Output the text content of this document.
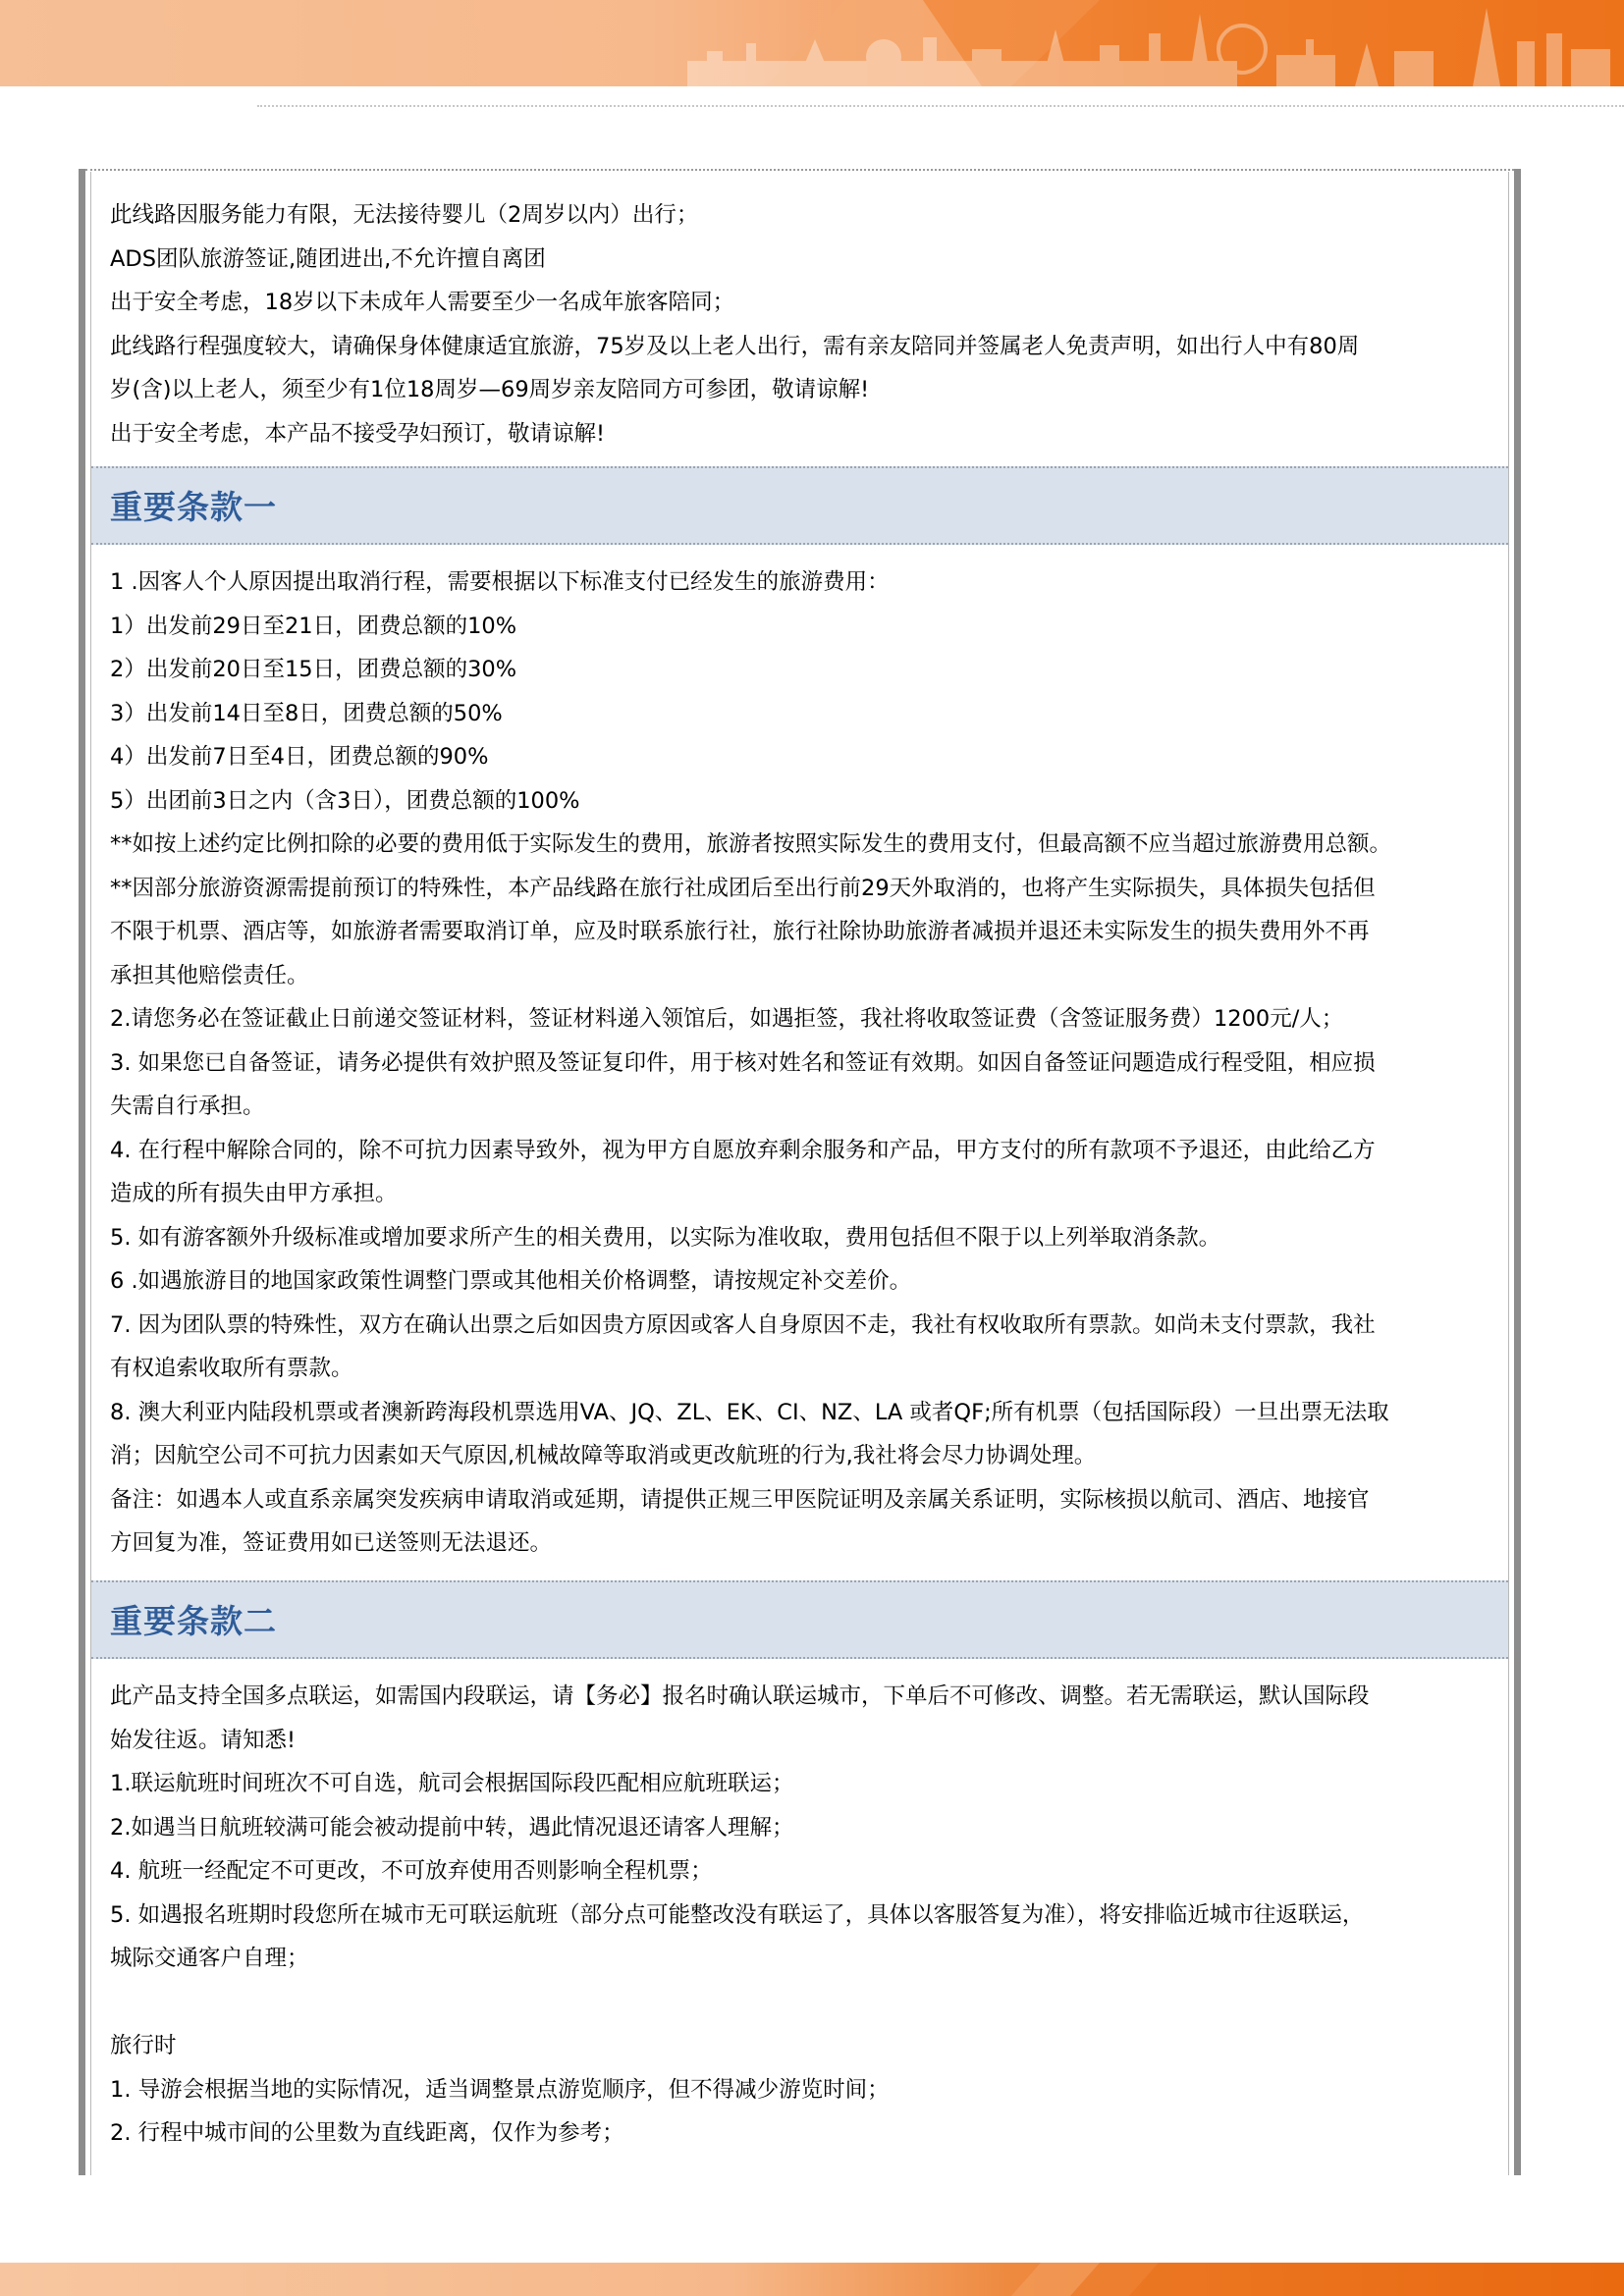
此线路因服务能力有限，无法接待婴儿（2周岁以内）出行；

ADS团队旅游签证,随团进出,不允许擅自离团

出于安全考虑，18岁以下未成年人需要至少一名成年旅客陪同；

此线路行程强度较大，请确保身体健康适宜旅游，75岁及以上老人出行，需有亲友陪同并签属老人免责声明，如出行人中有80周

岁(含)以上老人，须至少有1位18周岁—69周岁亲友陪同方可参团，敬请谅解!

出于安全考虑，本产品不接受孕妇预订，敬请谅解!

重要条款一

1 .因客人个人原因提出取消行程，需要根据以下标准支付已经发生的旅游费用：

1）出发前29日至21日，团费总额的10%

2）出发前20日至15日，团费总额的30%

3）出发前14日至8日，团费总额的50%

4）出发前7日至4日，团费总额的90%

5）出团前3日之内（含3日），团费总额的100%

**如按上述约定比例扣除的必要的费用低于实际发生的费用，旅游者按照实际发生的费用支付，但最高额不应当超过旅游费用总额。

**因部分旅游资源需提前预订的特殊性，本产品线路在旅行社成团后至出行前29天外取消的，也将产生实际损失，具体损失包括但

不限于机票、酒店等，如旅游者需要取消订单，应及时联系旅行社，旅行社除协助旅游者减损并退还未实际发生的损失费用外不再

承担其他赔偿责任。

2.请您务必在签证截止日前递交签证材料，签证材料递入领馆后，如遇拒签，我社将收取签证费（含签证服务费）1200元/人；

3. 如果您已自备签证，请务必提供有效护照及签证复印件，用于核对姓名和签证有效期。如因自备签证问题造成行程受阻，相应损

失需自行承担。

4. 在行程中解除合同的，除不可抗力因素导致外，视为甲方自愿放弃剩余服务和产品，甲方支付的所有款项不予退还，由此给乙方

造成的所有损失由甲方承担。

5. 如有游客额外升级标准或增加要求所产生的相关费用，以实际为准收取，费用包括但不限于以上列举取消条款。

6 .如遇旅游目的地国家政策性调整门票或其他相关价格调整，请按规定补交差价。

7. 因为团队票的特殊性，双方在确认出票之后如因贵方原因或客人自身原因不走，我社有权收取所有票款。如尚未支付票款，我社

有权追索收取所有票款。

8. 澳大利亚内陆段机票或者澳新跨海段机票选用VA、JQ、ZL、EK、CI、NZ、LA 或者QF;所有机票（包括国际段）一旦出票无法取

消；因航空公司不可抗力因素如天气原因,机械故障等取消或更改航班的行为,我社将会尽力协调处理。

备注：如遇本人或直系亲属突发疾病申请取消或延期，请提供正规三甲医院证明及亲属关系证明，实际核损以航司、酒店、地接官

方回复为准，签证费用如已送签则无法退还。

重要条款二

此产品支持全国多点联运，如需国内段联运，请【务必】报名时确认联运城市，下单后不可修改、调整。若无需联运，默认国际段

始发往返。请知悉!

1.联运航班时间班次不可自选，航司会根据国际段匹配相应航班联运；

2.如遇当日航班较满可能会被动提前中转，遇此情况退还请客人理解；

4. 航班一经配定不可更改，不可放弃使用否则影响全程机票；

5. 如遇报名班期时段您所在城市无可联运航班（部分点可能整改没有联运了，具体以客服答复为准），将安排临近城市往返联运，

城际交通客户自理；

旅行时

1. 导游会根据当地的实际情况，适当调整景点游览顺序，但不得减少游览时间；

2. 行程中城市间的公里数为直线距离，仅作为参考；
